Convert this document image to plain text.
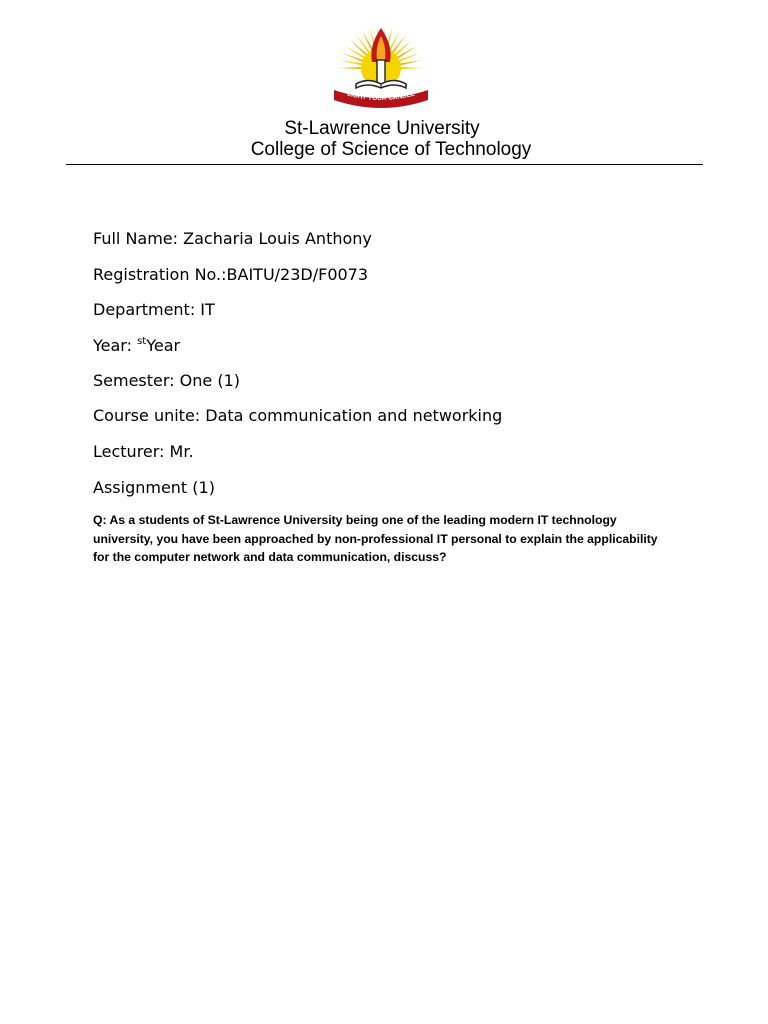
LIGHT YOUR CANDLE
St-Lawrence University
College of Science of Technology
Full Name: Zacharia Louis Anthony
Registration No.:BAITU/23D/F0073
Department: IT
Year: $^{st}$Year
Semester: One (1)
Course unite: Data communication and networking
Lecturer: Mr.
Assignment (1)
Q: As a students of St-Lawrence University being one of the leading modern IT technology university, you have been approached by non-professional IT personal to explain the applicability for the computer network and data communication, discuss?
